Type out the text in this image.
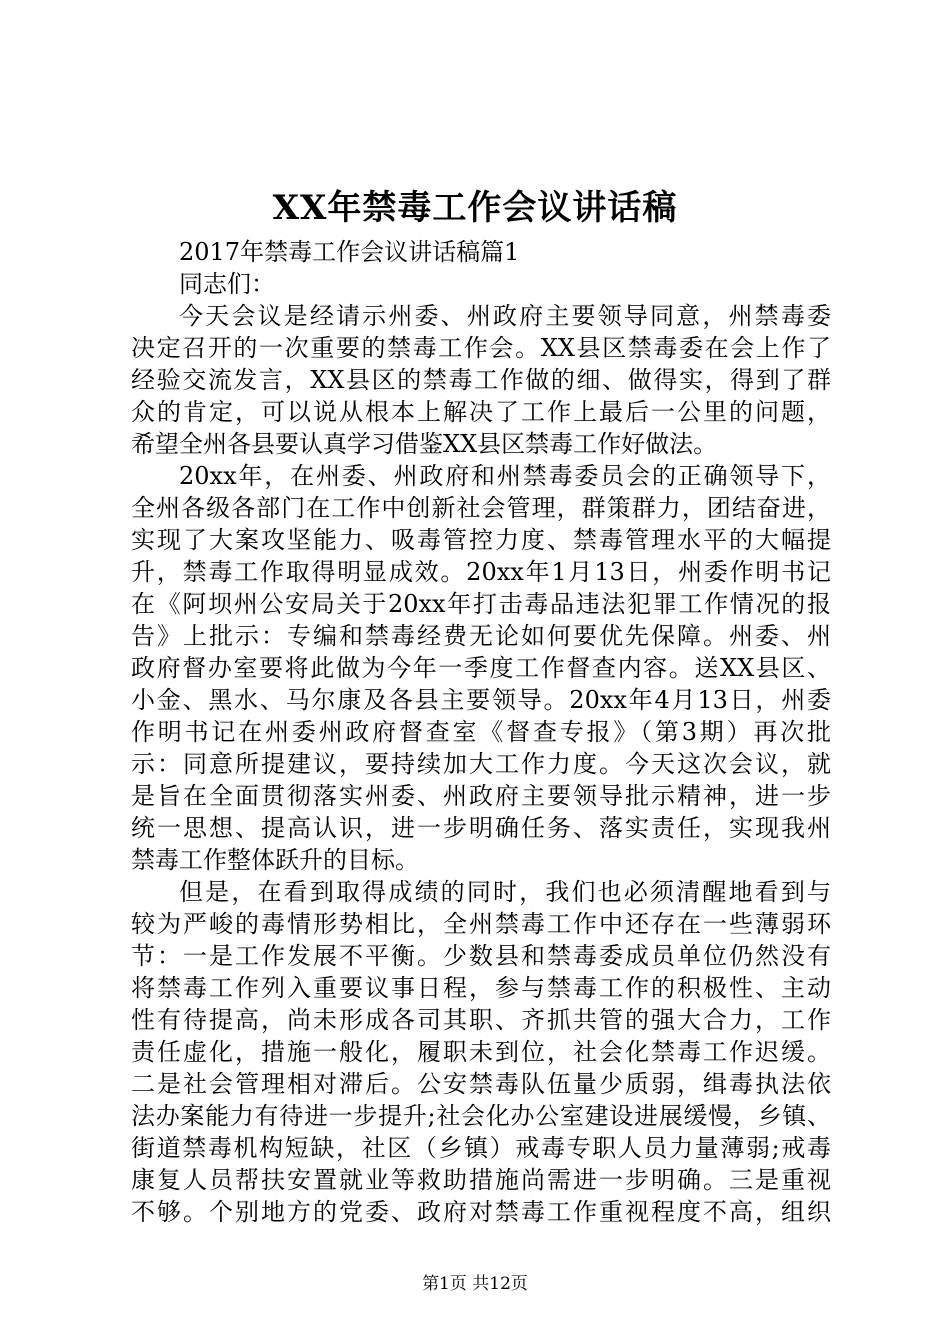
XX年禁毒工作会议讲话稿
2017年禁毒工作会议讲话稿篇1
同志们：
今天会议是经请示州委、州政府主要领导同意，州禁毒委
决定召开的一次重要的禁毒工作会。XX县区禁毒委在会上作了
经验交流发言，XX县区的禁毒工作做的细、做得实，得到了群
众的肯定，可以说从根本上解决了工作上最后一公里的问题，
希望全州各县要认真学习借鉴XX县区禁毒工作好做法。
20xx年，在州委、州政府和州禁毒委员会的正确领导下，
全州各级各部门在工作中创新社会管理，群策群力，团结奋进，
实现了大案攻坚能力、吸毒管控力度、禁毒管理水平的大幅提
升，禁毒工作取得明显成效。20xx年1月13日，州委作明书记
在《阿坝州公安局关于20xx年打击毒品违法犯罪工作情况的报
告》上批示：专编和禁毒经费无论如何要优先保障。州委、州
政府督办室要将此做为今年一季度工作督查内容。送XX县区、
小金、黑水、马尔康及各县主要领导。20xx年4月13日，州委
作明书记在州委州政府督查室《督查专报》（第3期）再次批
示：同意所提建议，要持续加大工作力度。今天这次会议，就
是旨在全面贯彻落实州委、州政府主要领导批示精神，进一步
统一思想、提高认识，进一步明确任务、落实责任，实现我州
禁毒工作整体跃升的目标。
但是，在看到取得成绩的同时，我们也必须清醒地看到与
较为严峻的毒情形势相比，全州禁毒工作中还存在一些薄弱环
节：一是工作发展不平衡。少数县和禁毒委成员单位仍然没有
将禁毒工作列入重要议事日程，参与禁毒工作的积极性、主动
性有待提高，尚未形成各司其职、齐抓共管的强大合力，工作
责任虚化，措施一般化，履职未到位，社会化禁毒工作迟缓。
二是社会管理相对滞后。公安禁毒队伍量少质弱，缉毒执法依
法办案能力有待进一步提升;社会化办公室建设进展缓慢，乡镇、
街道禁毒机构短缺，社区（乡镇）戒毒专职人员力量薄弱;戒毒
康复人员帮扶安置就业等救助措施尚需进一步明确。三是重视
不够。个别地方的党委、政府对禁毒工作重视程度不高，组织
第1页 共12页
